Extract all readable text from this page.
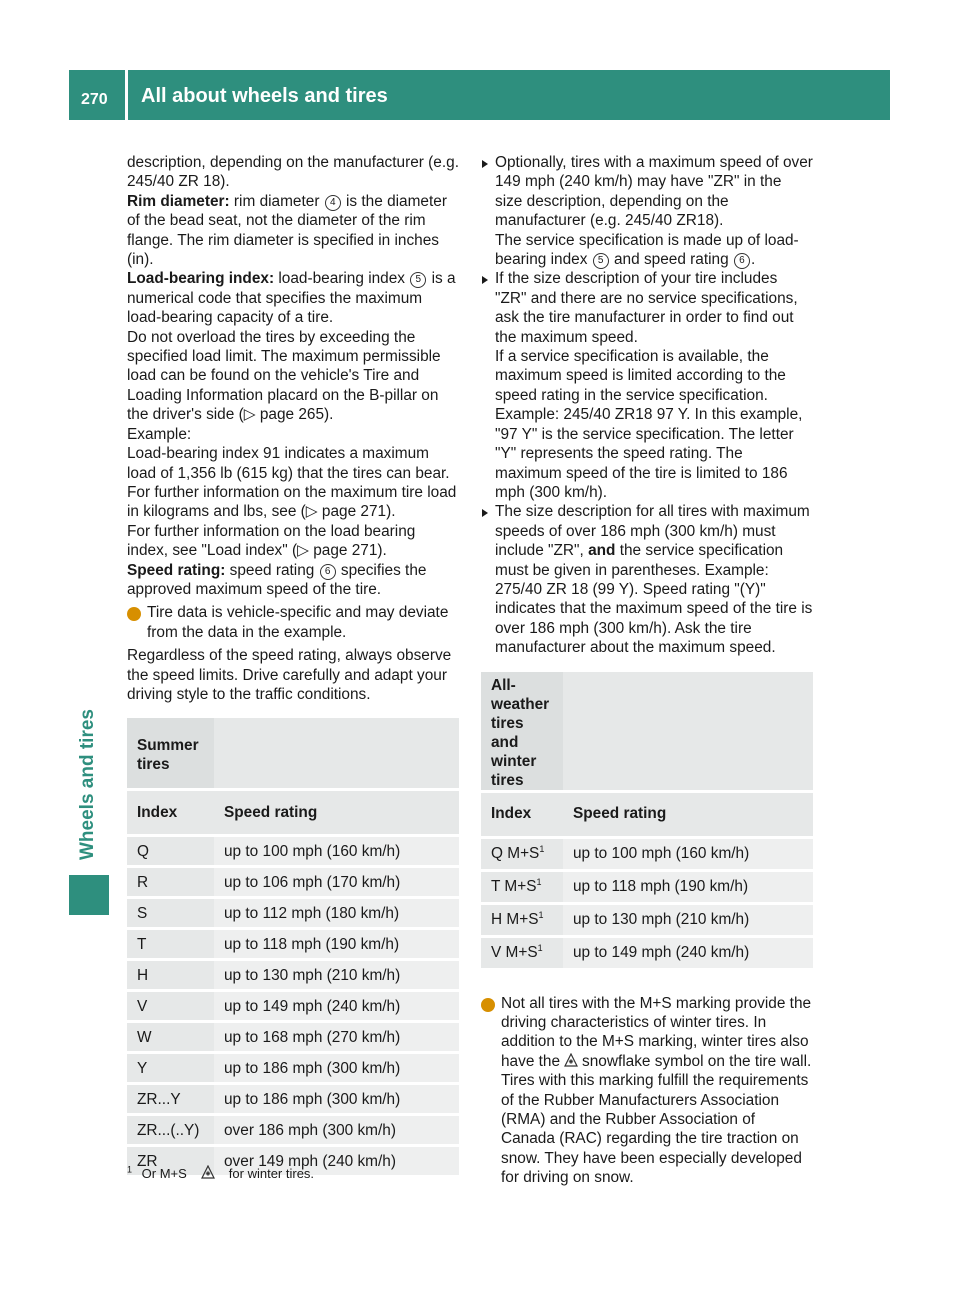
270 All about wheels and tires

description, depending on the manufacturer (e.g. 245/40 ZR 18).

Rim diameter: rim diameter 4 is the diameter of the bead seat, not the diameter of the rim flange. The rim diameter is specified in inches (in).

Load-bearing index: load-bearing index 5 is a numerical code that specifies the maximum load-bearing capacity of a tire.

Do not overload the tires by exceeding the specified load limit. The maximum permissible load can be found on the vehicle's Tire and Loading Information placard on the B-pillar on the driver's side (▷ page 265).

Example:

Load-bearing index 91 indicates a maximum load of 1,356 lb (615 kg) that the tires can bear. For further information on the maximum tire load in kilograms and lbs, see (▷ page 271).

For further information on the load bearing index, see "Load index" (▷ page 271).

Speed rating: speed rating 6 specifies the approved maximum speed of the tire.

i Tire data is vehicle-specific and may deviate from the data in the example.

Regardless of the speed rating, always observe the speed limits. Drive carefully and adapt your driving style to the traffic conditions.

Summer tires	
Index	Speed rating
Q	up to 100 mph (160 km/h)
R	up to 106 mph (170 km/h)
S	up to 112 mph (180 km/h)
T	up to 118 mph (190 km/h)
H	up to 130 mph (210 km/h)
V	up to 149 mph (240 km/h)
W	up to 168 mph (270 km/h)
Y	up to 186 mph (300 km/h)
ZR...Y	up to 186 mph (300 km/h)
ZR...(..Y)	over 186 mph (300 km/h)
ZR	over 149 mph (240 km/h)

Optionally, tires with a maximum speed of over 149 mph (240 km/h) may have "ZR" in the size description, depending on the manufacturer (e.g. 245/40 ZR18).

The service specification is made up of load-bearing index 5 and speed rating 6 .

If the size description of your tire includes "ZR" and there are no service specifications, ask the tire manufacturer in order to find out the maximum speed.

If a service specification is available, the maximum speed is limited according to the speed rating in the service specification. Example: 245/40 ZR18 97 Y. In this example, "97 Y" is the service specification. The letter "Y" represents the speed rating. The maximum speed of the tire is limited to 186 mph (300 km/h).

The size description for all tires with maximum speeds of over 186 mph (300 km/h) must include "ZR", and the service specification must be given in parentheses. Example: 275/40 ZR 18 (99 Y). Speed rating "(Y)" indicates that the maximum speed of the tire is over 186 mph (300 km/h). Ask the tire manufacturer about the maximum speed.

All-weather tires and winter tires	
Index	Speed rating
Q $M+S^1$	up to 100 mph (160 km/h)
T $M+S^1$	up to 118 mph (190 km/h)
H $M+S^1$	up to 130 mph (210 km/h)
V $M+S^1$	up to 149 mph (240 km/h)

i Not all tires with the M+S marking provide the driving characteristics of winter tires. In addition to the M+S marking, winter tires also have the snowflake symbol on the tire wall. Tires with this marking fulfill the requirements of the Rubber Manufacturers Association (RMA) and the Rubber Association of Canada (RAC) regarding the tire traction on snow. They have been especially developed for driving on snow.

$^1$ Or M+S	for winter tires.
